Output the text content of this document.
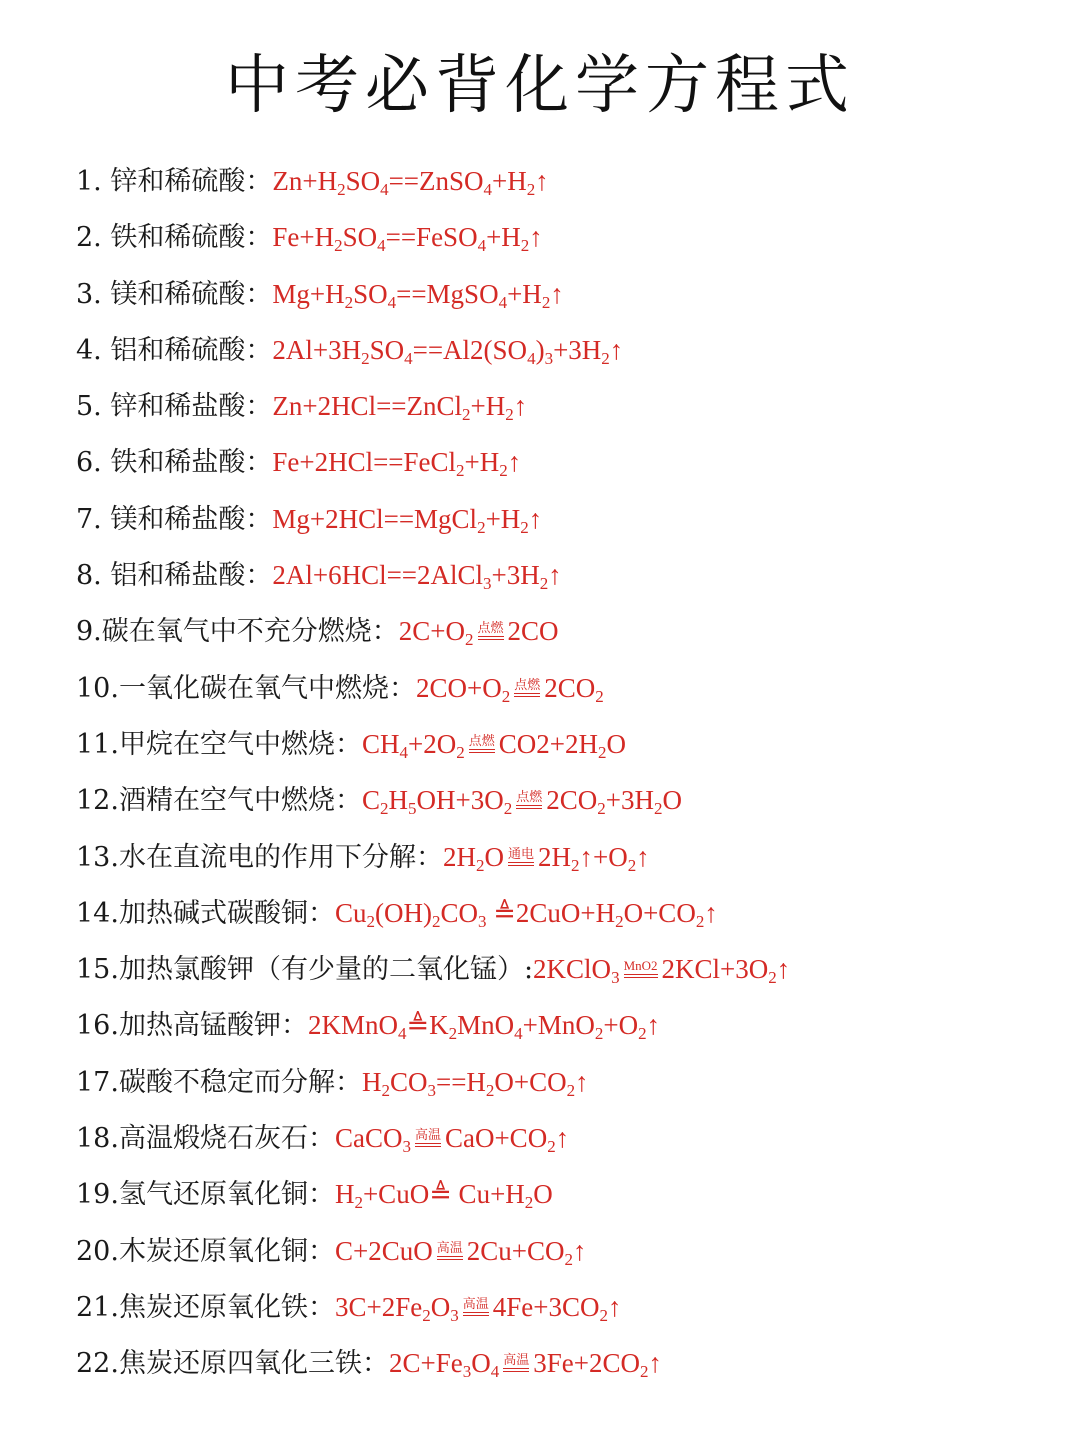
中考必背化学方程式
1. 锌和稀硫酸：$Zn+H_2SO_4==ZnSO_4+H_2↑$
2. 铁和稀硫酸：$Fe+H_2SO_4==FeSO_4+H_2↑$
3. 镁和稀硫酸：$Mg+H_2SO_4==MgSO_4+H_2↑$
4. 铝和稀硫酸：$2Al+3H_2SO_4==Al2(SO_4)_3+3H_2↑$
5. 锌和稀盐酸：$Zn+2HCl==ZnCl_2+H_2↑$
6. 铁和稀盐酸：$Fe+2HCl==FeCl_2+H_2↑$
7. 镁和稀盐酸：$Mg+2HCl==MgCl_2+H_2↑$
8. 铝和稀盐酸：$2Al+6HCl==2AlCl_3+3H_2↑$
9.碳在氧气中不充分燃烧：$2C+O_2$
点燃 2CO
10.一氧化碳在氧气中燃烧：$2CO+O_2$
点燃 $2CO_2$
11.甲烷在空气中燃烧：$CH_4+2O_2$
点燃 $CO2+2H_2O$
12.酒精在空气中燃烧：$C_2H_5OH+3O_2$
点燃 $2CO_2+3H_2O$
13.水在直流电的作用下分解：$2H_2O$ 通电 $2H_2↑+O_2↑$
14.加热碱式碳酸铜：$Cu_2(OH)_2CO_3$ $≜2CuO+H_2O+CO_2↑$
15.加热氯酸钾（有少量的二氧化锰）:2KClO$_3$
MnO2 $2KCl+3O_2↑$
16.加热高锰酸钾：$2KMnO_4≜K_2MnO_4+MnO_2+O_2↑$
17.碳酸不稳定而分解：$H_2CO_3==H_2O+CO_2↑$
18.高温煅烧石灰石：CaCO$_3$
高温 $CaO+CO_2↑$
19.氢气还原氧化铜：$H_2+CuO≜$ $Cu+H_2O$
20.木炭还原氧化铜：C+2CuO 高温 $2Cu+CO_2↑$
21.焦炭还原氧化铁：$3C+2Fe_2O_3$
高温 $4Fe+3CO_2↑$
22.焦炭还原四氧化三铁：$2C+Fe_3O_4$
高温 $3Fe+2CO_2↑$
